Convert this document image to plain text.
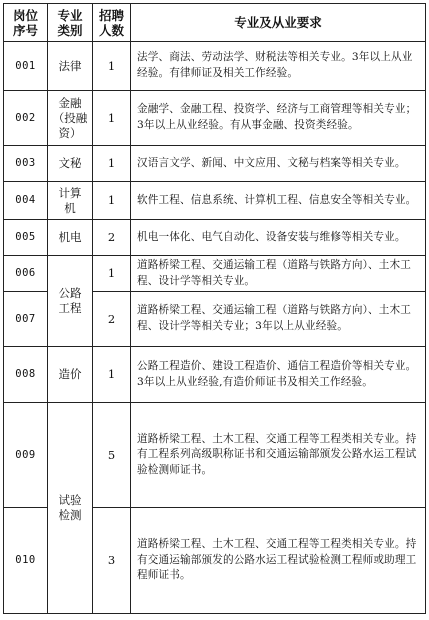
岗位序号	专业类别	招聘人数	专业及从业要求
001	法律	1	法学、商法、劳动法学、财税法等相关专业。3年以上从业经验。有律师证及相关工作经验。
002	金融（投融资）	1	金融学、金融工程、投资学、经济与工商管理等相关专业；3年以上从业经验。有从事金融、投资类经验。
003	文秘	1	汉语言文学、新闻、中文应用、文秘与档案等相关专业。
004	计算机	1	软件工程、信息系统、计算机工程、信息安全等相关专业。
005	机电	2	机电一体化、电气自动化、设备安装与维修等相关专业。
006	公路工程	1	道路桥梁工程、交通运输工程（道路与铁路方向）、土木工程、设计学等相关专业。
007		2	道路桥梁工程、交通运输工程（道路与铁路方向）、土木工程、设计学等相关专业；3年以上从业经验。
008	造价	1	公路工程造价、建设工程造价、通信工程造价等相关专业。3年以上从业经验,有造价师证书及相关工作经验。
009	试验检测	5	道路桥梁工程、土木工程、交通工程等工程类相关专业。持有工程系列高级职称证书和交通运输部颁发公路水运工程试验检测师证书。
010		3	道路桥梁工程、土木工程、交通工程等工程类相关专业。持有交通运输部颁发的公路水运工程试验检测工程师或助理工程师证书。
